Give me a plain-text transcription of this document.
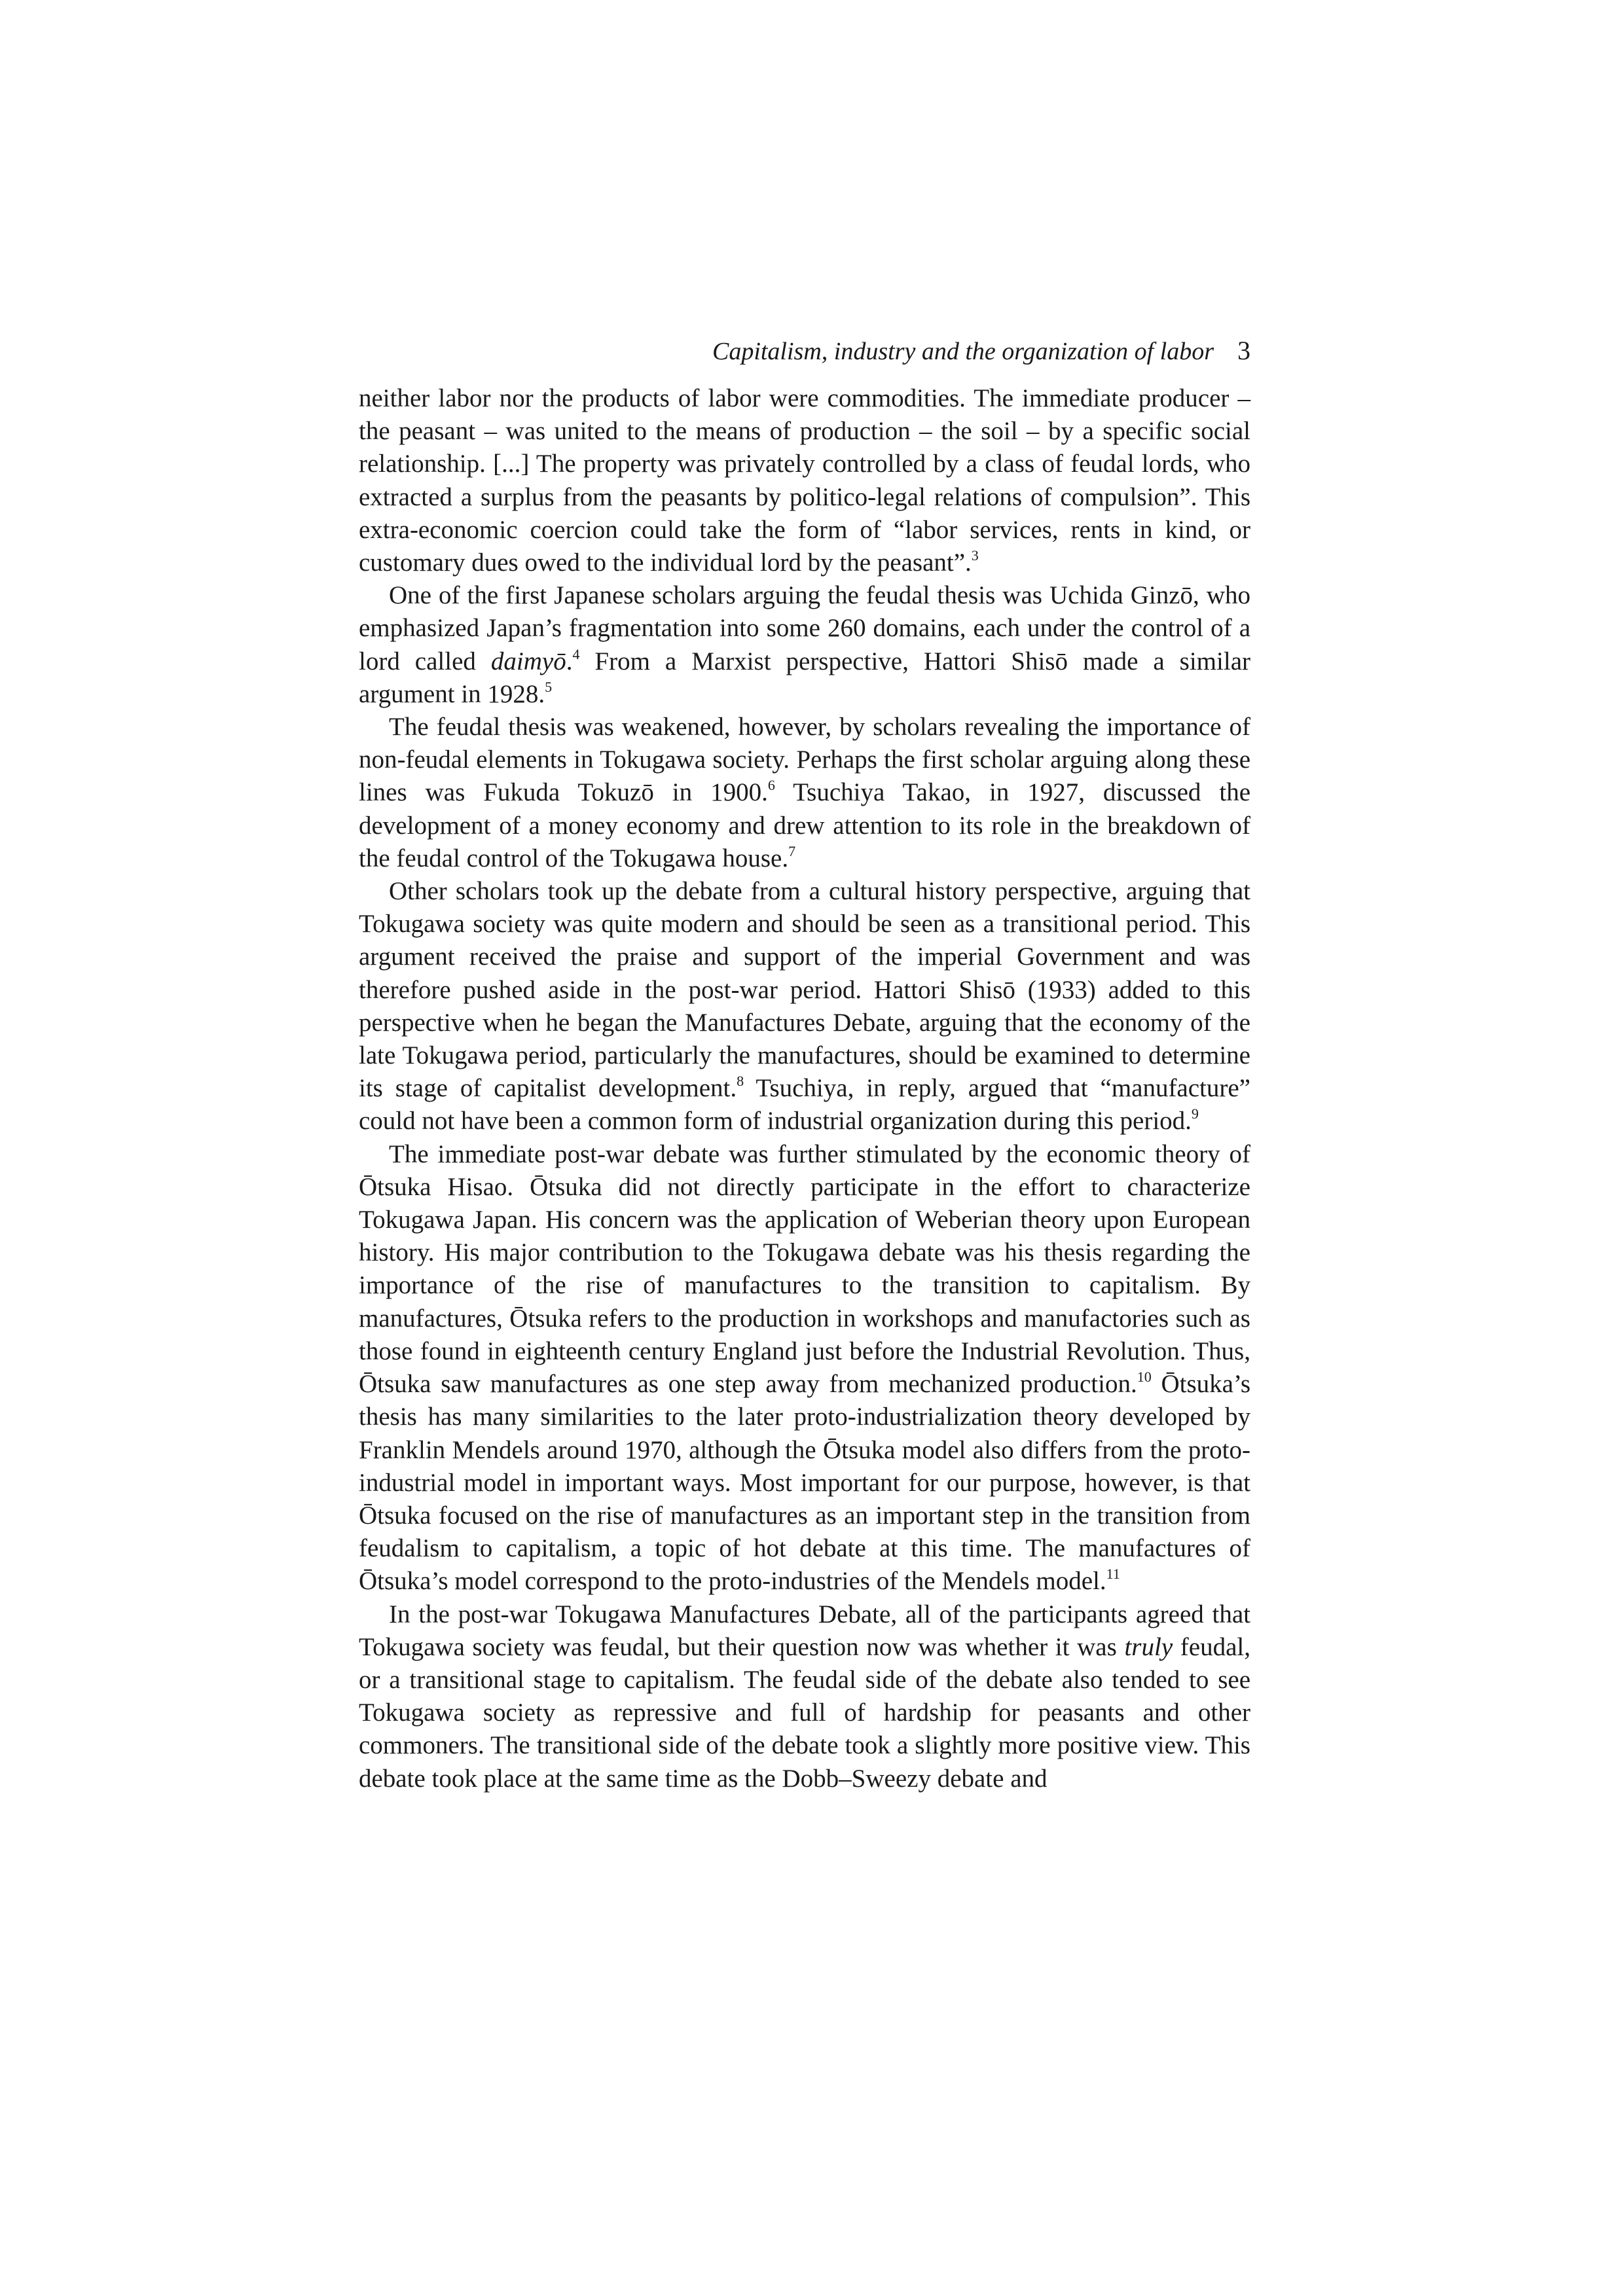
Capitalism, industry and the organization of labor 3

neither labor nor the products of labor were commodities. The immediate producer – the peasant – was united to the means of production – the soil – by a specific social relationship. [...] The property was privately controlled by a class of feudal lords, who extracted a surplus from the peasants by politico-legal relations of compulsion”. This extra-economic coercion could take the form of “labor services, rents in kind, or customary dues owed to the individual lord by the peasant”.$^3$

One of the first Japanese scholars arguing the feudal thesis was Uchida Ginzō, who emphasized Japan’s fragmentation into some 260 domains, each under the control of a lord called daimyō.$^4$ From a Marxist perspective, Hattori Shisō made a similar argument in 1928.$^5$

The feudal thesis was weakened, however, by scholars revealing the importance of non-feudal elements in Tokugawa society. Perhaps the first scholar arguing along these lines was Fukuda Tokuzō in 1900.$^6$ Tsuchiya Takao, in 1927, discussed the development of a money economy and drew attention to its role in the breakdown of the feudal control of the Tokugawa house.$^7$

Other scholars took up the debate from a cultural history perspective, arguing that Tokugawa society was quite modern and should be seen as a transitional period. This argument received the praise and support of the imperial Government and was therefore pushed aside in the post-war period. Hattori Shisō (1933) added to this perspective when he began the Manufactures Debate, arguing that the economy of the late Tokugawa period, particularly the manufactures, should be examined to determine its stage of capitalist development.$^8$ Tsuchiya, in reply, argued that “manufacture” could not have been a common form of industrial organization during this period.$^9$

The immediate post-war debate was further stimulated by the economic theory of Ōtsuka Hisao. Ōtsuka did not directly participate in the effort to characterize Tokugawa Japan. His concern was the application of Weberian theory upon European history. His major contribution to the Tokugawa debate was his thesis regarding the importance of the rise of manufactures to the transition to capitalism. By manufactures, Ōtsuka refers to the production in workshops and manufactories such as those found in eighteenth century England just before the Industrial Revolution. Thus, Ōtsuka saw manufactures as one step away from mechanized production.$^{10}$ Ōtsuka’s thesis has many similarities to the later proto-industrialization theory developed by Franklin Mendels around 1970, although the Ōtsuka model also differs from the proto-industrial model in important ways. Most important for our purpose, however, is that Ōtsuka focused on the rise of manufactures as an important step in the transition from feudalism to capitalism, a topic of hot debate at this time. The manufactures of Ōtsuka’s model correspond to the proto-industries of the Mendels model.$^{11}$

In the post-war Tokugawa Manufactures Debate, all of the participants agreed that Tokugawa society was feudal, but their question now was whether it was truly feudal, or a transitional stage to capitalism. The feudal side of the debate also tended to see Tokugawa society as repressive and full of hardship for peasants and other commoners. The transitional side of the debate took a slightly more positive view. This debate took place at the same time as the Dobb–Sweezy debate and
